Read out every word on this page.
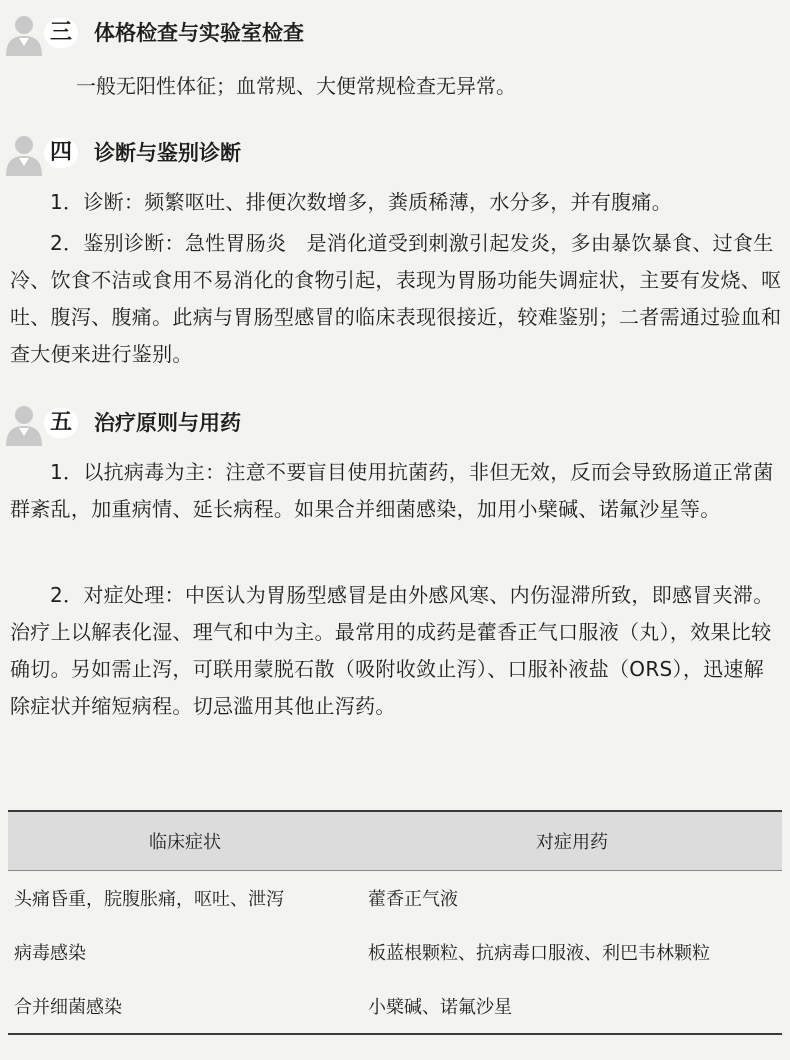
三 体格检查与实验室检查

一般无阳性体征；血常规、大便常规检查无异常。

四 诊断与鉴别诊断

1．诊断：频繁呕吐、排便次数增多，粪质稀薄，水分多，并有腹痛。

2．鉴别诊断：急性胃肠炎　是消化道受到刺激引起发炎，多由暴饮暴食、过食生冷、饮食不洁或食用不易消化的食物引起，表现为胃肠功能失调症状，主要有发烧、呕吐、腹泻、腹痛。此病与胃肠型感冒的临床表现很接近，较难鉴别；二者需通过验血和查大便来进行鉴别。

五 治疗原则与用药

1．以抗病毒为主：注意不要盲目使用抗菌药，非但无效，反而会导致肠道正常菌群紊乱，加重病情、延长病程。如果合并细菌感染，加用小檗碱、诺氟沙星等。

2．对症处理：中医认为胃肠型感冒是由外感风寒、内伤湿滞所致，即感冒夹滞。治疗上以解表化湿、理气和中为主。最常用的成药是藿香正气口服液（丸），效果比较确切。另如需止泻，可联用蒙脱石散（吸附收敛止泻）、口服补液盐（ORS），迅速解除症状并缩短病程。切忌滥用其他止泻药。

临床症状	对症用药
头痛昏重，脘腹胀痛，呕吐、泄泻	藿香正气液
病毒感染	板蓝根颗粒、抗病毒口服液、利巴韦林颗粒
合并细菌感染	小檗碱、诺氟沙星
